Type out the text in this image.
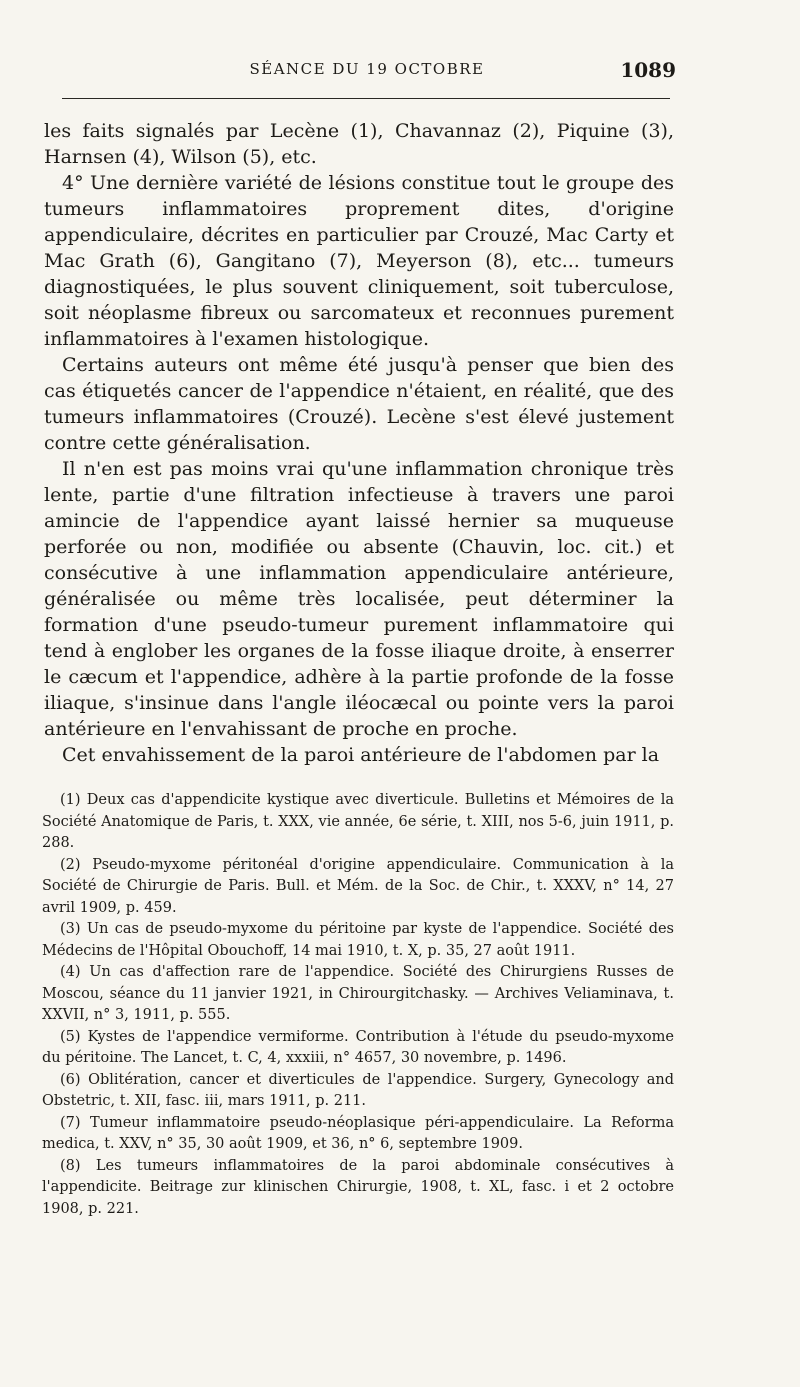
SÉANCE DU 19 OCTOBRE	1089

les faits signalés par Lecène (1), Chavannaz (2), Piquine (3), Harnsen (4), Wilson (5), etc.

4° Une dernière variété de lésions constitue tout le groupe des tumeurs inflammatoires proprement dites, d'origine appendiculaire, décrites en particulier par Crouzé, Mac Carty et Mac Grath (6), Gangitano (7), Meyerson (8), etc... tumeurs diagnostiquées, le plus souvent cliniquement, soit tuberculose, soit néoplasme fibreux ou sarcomateux et reconnues purement inflammatoires à l'examen histologique.

Certains auteurs ont même été jusqu'à penser que bien des cas étiquetés cancer de l'appendice n'étaient, en réalité, que des tumeurs inflammatoires (Crouzé). Lecène s'est élevé justement contre cette généralisation.

Il n'en est pas moins vrai qu'une inflammation chronique très lente, partie d'une filtration infectieuse à travers une paroi amincie de l'appendice ayant laissé hernier sa muqueuse perforée ou non, modifiée ou absente (Chauvin, loc. cit.) et consécutive à une inflammation appendiculaire antérieure, généralisée ou même très localisée, peut déterminer la formation d'une pseudo-tumeur purement inflammatoire qui tend à englober les organes de la fosse iliaque droite, à enserrer le cæcum et l'appendice, adhère à la partie profonde de la fosse iliaque, s'insinue dans l'angle iléocæcal ou pointe vers la paroi antérieure en l'envahissant de proche en proche.

Cet envahissement de la paroi antérieure de l'abdomen par la

(1) Deux cas d'appendicite kystique avec diverticule. Bulletins et Mémoires de la Société Anatomique de Paris, t. XXX, vie année, 6e série, t. XIII, nos 5-6, juin 1911, p. 288.

(2) Pseudo-myxome péritonéal d'origine appendiculaire. Communication à la Société de Chirurgie de Paris. Bull. et Mém. de la Soc. de Chir., t. XXXV, n° 14, 27 avril 1909, p. 459.

(3) Un cas de pseudo-myxome du péritoine par kyste de l'appendice. Société des Médecins de l'Hôpital Obouchoff, 14 mai 1910, t. X, p. 35, 27 août 1911.

(4) Un cas d'affection rare de l'appendice. Société des Chirurgiens Russes de Moscou, séance du 11 janvier 1921, in Chirourgitchasky. — Archives Veliaminava, t. XXVII, n° 3, 1911, p. 555.

(5) Kystes de l'appendice vermiforme. Contribution à l'étude du pseudo-myxome du péritoine. The Lancet, t. C, 4, xxxiii, n° 4657, 30 novembre, p. 1496.

(6) Oblitération, cancer et diverticules de l'appendice. Surgery, Gynecology and Obstetric, t. XII, fasc. iii, mars 1911, p. 211.

(7) Tumeur inflammatoire pseudo-néoplasique péri-appendiculaire. La Reforma medica, t. XXV, n° 35, 30 août 1909, et 36, n° 6, septembre 1909.

(8) Les tumeurs inflammatoires de la paroi abdominale consécutives à l'appendicite. Beitrage zur klinischen Chirurgie, 1908, t. XL, fasc. i et 2 octobre 1908, p. 221.
